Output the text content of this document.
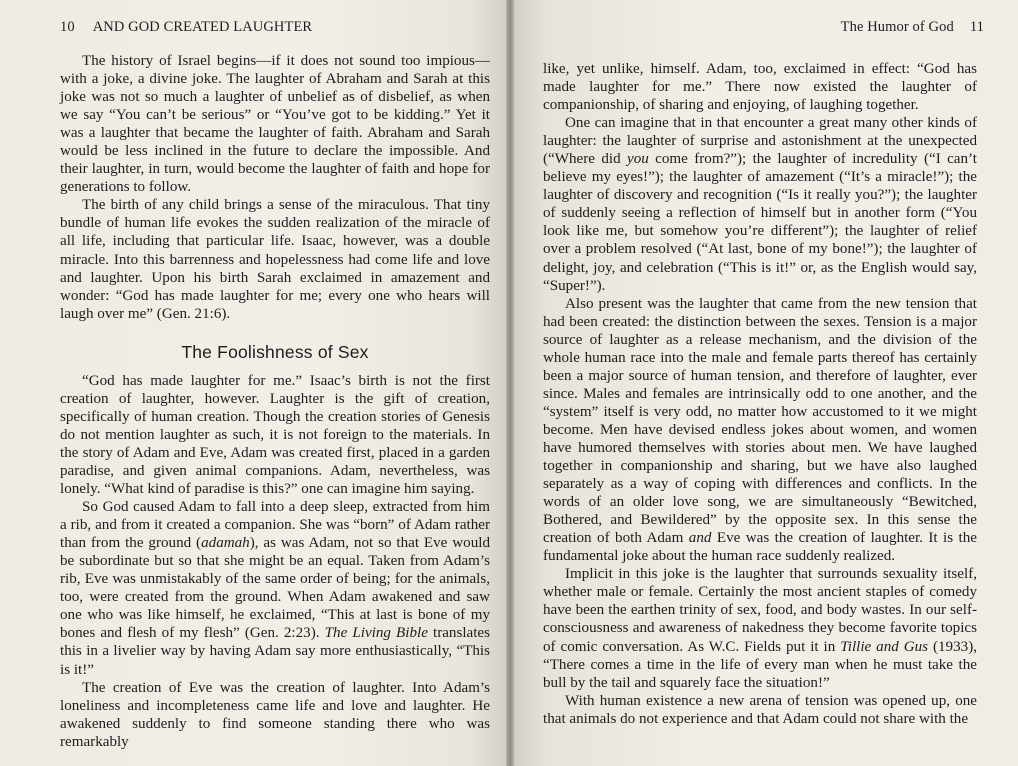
10 AND GOD CREATED LAUGHTER

The history of Israel begins—if it does not sound too impious—with a joke, a divine joke. The laughter of Abraham and Sarah at this joke was not so much a laughter of unbelief as of disbelief, as when we say “You can’t be serious” or “You’ve got to be kidding.” Yet it was a laughter that became the laughter of faith. Abraham and Sarah would be less inclined in the future to declare the impossible. And their laughter, in turn, would become the laughter of faith and hope for generations to follow.

The birth of any child brings a sense of the miraculous. That tiny bundle of human life evokes the sudden realization of the miracle of all life, including that particular life. Isaac, however, was a double miracle. Into this barrenness and hopelessness had come life and love and laughter. Upon his birth Sarah exclaimed in amazement and wonder: “God has made laughter for me; every one who hears will laugh over me” (Gen. 21:6).

The Foolishness of Sex

“God has made laughter for me.” Isaac’s birth is not the first creation of laughter, however. Laughter is the gift of creation, specifically of human creation. Though the creation stories of Genesis do not mention laughter as such, it is not foreign to the materials. In the story of Adam and Eve, Adam was created first, placed in a garden paradise, and given animal companions. Adam, nevertheless, was lonely. “What kind of paradise is this?” one can imagine him saying.

So God caused Adam to fall into a deep sleep, extracted from him a rib, and from it created a companion. She was “born” of Adam rather than from the ground (adamah), as was Adam, not so that Eve would be subordinate but so that she might be an equal. Taken from Adam’s rib, Eve was unmistakably of the same order of being; for the animals, too, were created from the ground. When Adam awakened and saw one who was like himself, he exclaimed, “This at last is bone of my bones and flesh of my flesh” (Gen. 2:23). The Living Bible translates this in a livelier way by having Adam say more enthusiastically, “This is it!”

The creation of Eve was the creation of laughter. Into Adam’s loneliness and incompleteness came life and love and laughter. He awakened suddenly to find someone standing there who was remarkably

The Humor of God 11

like, yet unlike, himself. Adam, too, exclaimed in effect: “God has made laughter for me.” There now existed the laughter of companionship, of sharing and enjoying, of laughing together.

One can imagine that in that encounter a great many other kinds of laughter: the laughter of surprise and astonishment at the unexpected (“Where did you come from?”); the laughter of incredulity (“I can’t believe my eyes!”); the laughter of amazement (“It’s a miracle!”); the laughter of discovery and recognition (“Is it really you?”); the laughter of suddenly seeing a reflection of himself but in another form (“You look like me, but somehow you’re different”); the laughter of relief over a problem resolved (“At last, bone of my bone!”); the laughter of delight, joy, and celebration (“This is it!” or, as the English would say, “Super!”).

Also present was the laughter that came from the new tension that had been created: the distinction between the sexes. Tension is a major source of laughter as a release mechanism, and the division of the whole human race into the male and female parts thereof has certainly been a major source of human tension, and therefore of laughter, ever since. Males and females are intrinsically odd to one another, and the “system” itself is very odd, no matter how accustomed to it we might become. Men have devised endless jokes about women, and women have humored themselves with stories about men. We have laughed together in companionship and sharing, but we have also laughed separately as a way of coping with differences and conflicts. In the words of an older love song, we are simultaneously “Bewitched, Bothered, and Bewildered” by the opposite sex. In this sense the creation of both Adam and Eve was the creation of laughter. It is the fundamental joke about the human race suddenly realized.

Implicit in this joke is the laughter that surrounds sexuality itself, whether male or female. Certainly the most ancient staples of comedy have been the earthen trinity of sex, food, and body wastes. In our self-consciousness and awareness of nakedness they become favorite topics of comic conversation. As W.C. Fields put it in Tillie and Gus (1933), “There comes a time in the life of every man when he must take the bull by the tail and squarely face the situation!”

With human existence a new arena of tension was opened up, one that animals do not experience and that Adam could not share with the
